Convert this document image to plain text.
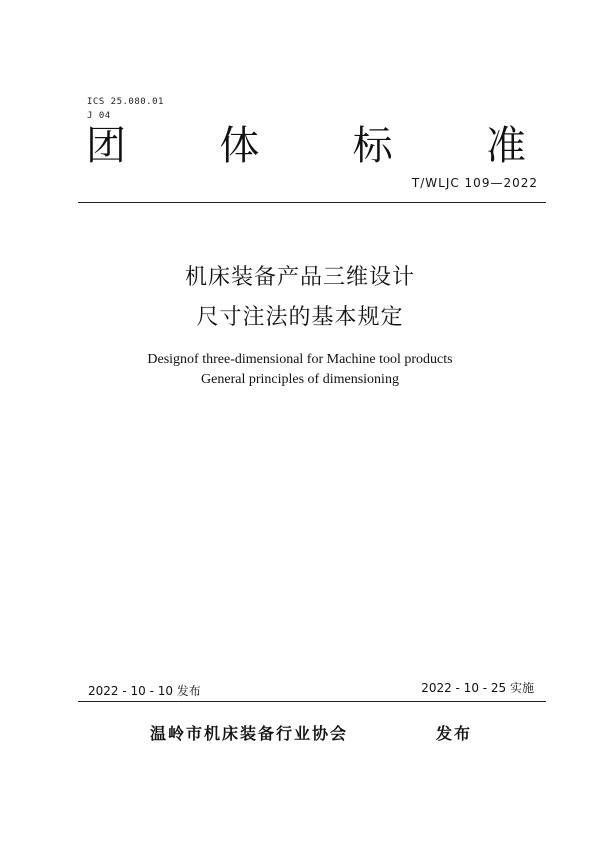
ICS 25.080.01
J 04
团 体 标 准
T/WLJC 109—2022
机床装备产品三维设计
尺寸注法的基本规定
Designof three-dimensional for Machine tool products
General principles of dimensioning
2022 - 10 - 10 发布	2022 - 10 - 25 实施
温岭市机床装备行业协会	发布
